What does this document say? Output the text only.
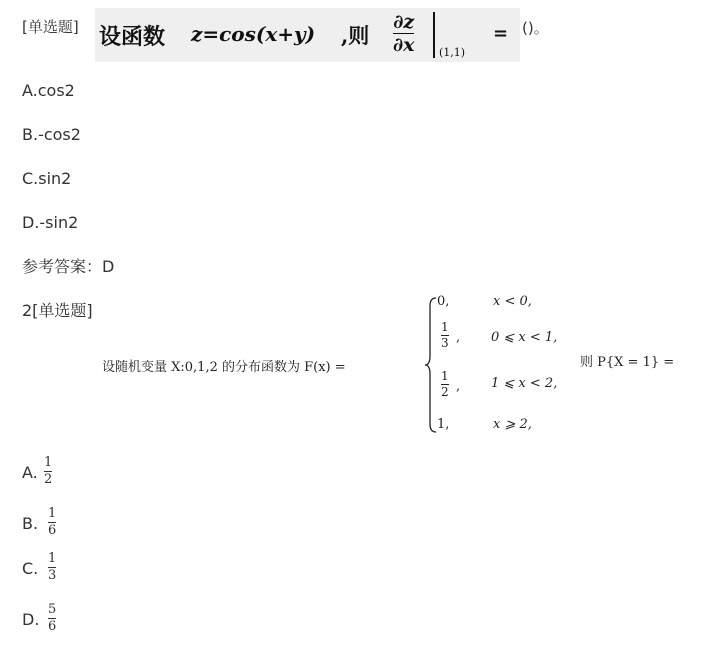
[单选题] 设函数 z=cos(x+y) ,则
∂z
∂x (1,1)
= ()。
A.cos2
B.-cos2
C.sin2
D.-sin2
参考答案：D
2[单选题]
设随机变量 X:0,1,2 的分布函数为 F(x) =
0,	x < 0,
1
3 , 0 ⩽ x < 1,
1
2 , 1 ⩽ x < 2,
1,	x ⩾ 2,
则 P{X = 1} =
A.
1
2
B.
1
6
C.
1
3
D.
5
6
